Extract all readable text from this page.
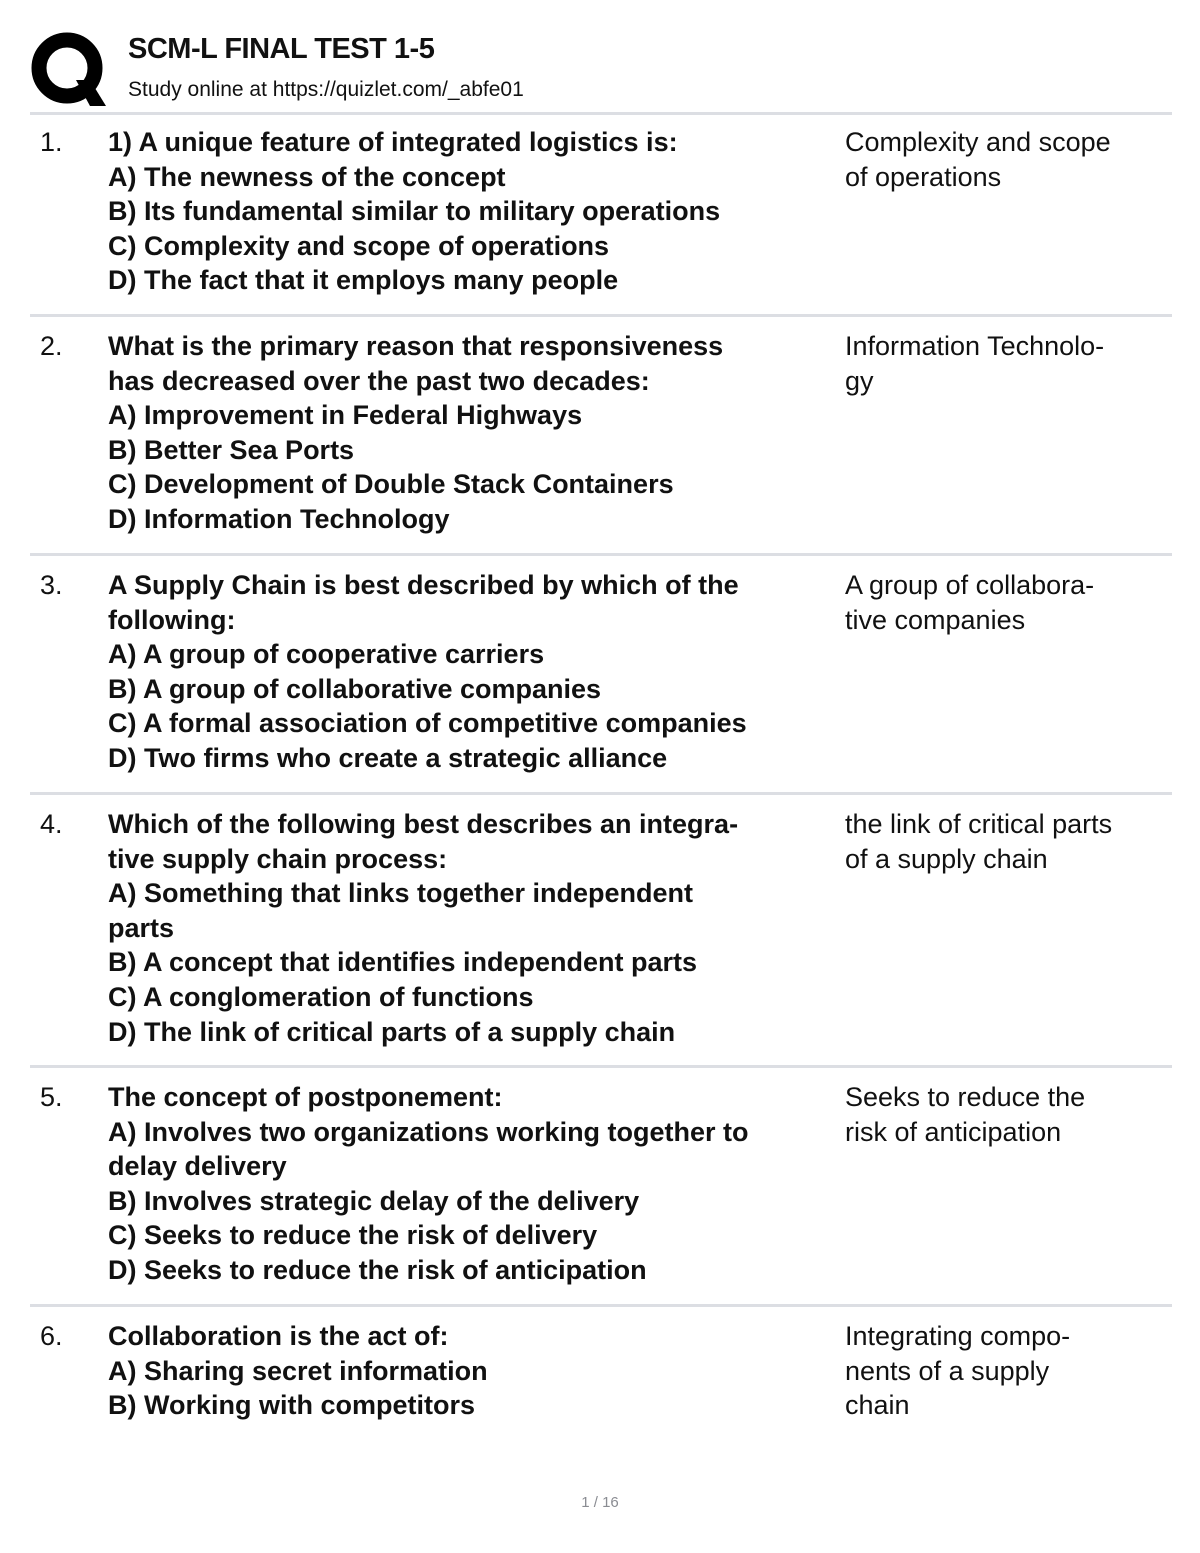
SCM-L FINAL TEST 1-5
Study online at https://quizlet.com/_abfe01
1. 1) A unique feature of integrated logistics is:
A) The newness of the concept
B) Its fundamental similar to military operations
C) Complexity and scope of operations
D) The fact that it employs many people
Complexity and scope
of operations
2. What is the primary reason that responsiveness
has decreased over the past two decades:
A) Improvement in Federal Highways
B) Better Sea Ports
C) Development of Double Stack Containers
D) Information Technology
Information Technolo-
gy
3. A Supply Chain is best described by which of the
following:
A) A group of cooperative carriers
B) A group of collaborative companies
C) A formal association of competitive companies
D) Two firms who create a strategic alliance
A group of collabora-
tive companies
4. Which of the following best describes an integra-
tive supply chain process:
A) Something that links together independent
parts
B) A concept that identifies independent parts
C) A conglomeration of functions
D) The link of critical parts of a supply chain
the link of critical parts
of a supply chain
5. The concept of postponement:
A) Involves two organizations working together to
delay delivery
B) Involves strategic delay of the delivery
C) Seeks to reduce the risk of delivery
D) Seeks to reduce the risk of anticipation
Seeks to reduce the
risk of anticipation
6. Collaboration is the act of:
A) Sharing secret information
B) Working with competitors
Integrating compo-
nents of a supply
chain
1 / 16
